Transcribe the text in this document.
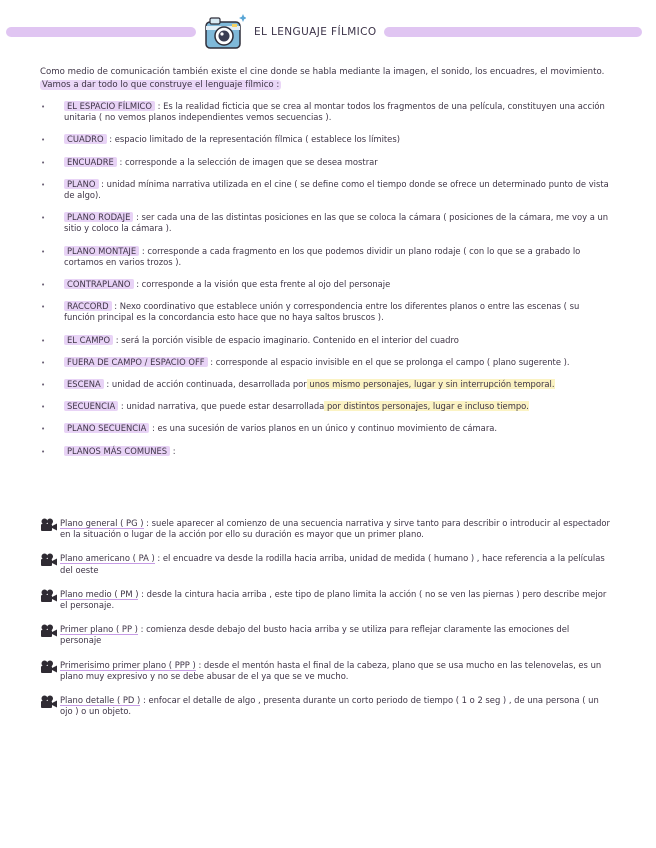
EL LENGUAJE FÍLMICO
Como medio de comunicación también existe el cine donde se habla mediante la imagen, el sonido, los encuadres, el movimiento.
Vamos a dar todo lo que construye el lenguaje fílmico :
•	EL ESPACIO FÍLMICO : Es la realidad ficticia que se crea al montar todos los fragmentos de una película, constituyen una acción unitaria ( no vemos planos independientes vemos secuencias ).
•	CUADRO : espacio limitado de la representación fílmica ( establece los límites)
•	ENCUADRE : corresponde a la selección de imagen que se desea mostrar
•	PLANO : unidad mínima narrativa utilizada en el cine ( se define como el tiempo donde se ofrece un determinado punto de vista de algo).
•	PLANO RODAJE : ser cada una de las distintas posiciones en las que se coloca la cámara ( posiciones de la cámara, me voy a un sitio y coloco la cámara ).
•	PLANO MONTAJE : corresponde a cada fragmento en los que podemos dividir un plano rodaje ( con lo que se a grabado lo cortamos en varios trozos ).
•	CONTRAPLANO : corresponde a la visión que esta frente al ojo del personaje
•	RACCORD : Nexo coordinativo que establece unión y correspondencia entre los diferentes planos o entre las escenas ( su función principal es la concordancia esto hace que no haya saltos bruscos ).
•	EL CAMPO : será la porción visible de espacio imaginario. Contenido en el interior del cuadro
•	FUERA DE CAMPO / ESPACIO OFF : corresponde al espacio invisible en el que se prolonga el campo ( plano sugerente ).
•	ESCENA : unidad de acción continuada, desarrollada por unos mismo personajes, lugar y sin interrupción temporal.
•	SECUENCIA : unidad narrativa, que puede estar desarrollada por distintos personajes, lugar e incluso tiempo.
•	PLANO SECUENCIA : es una sucesión de varios planos en un único y continuo movimiento de cámara.
•	PLANOS MÁS COMUNES :
Plano general ( PG ) : suele aparecer al comienzo de una secuencia narrativa y sirve tanto para describir o introducir al espectador en la situación o lugar de la acción por ello su duración es mayor que un primer plano.
Plano americano ( PA ) : el encuadre va desde la rodilla hacia arriba, unidad de medida ( humano ) , hace referencia a la películas del oeste
Plano medio ( PM ) : desde la cintura hacia arriba , este tipo de plano limita la acción ( no se ven las piernas ) pero describe mejor el personaje.
Primer plano ( PP ) : comienza desde debajo del busto hacia arriba y se utiliza para reflejar claramente las emociones del personaje
Primerisimo primer plano ( PPP ) : desde el mentón hasta el final de la cabeza, plano que se usa mucho en las telenovelas, es un plano muy expresivo y no se debe abusar de el ya que se ve mucho.
Plano detalle ( PD ) : enfocar el detalle de algo , presenta durante un corto periodo de tiempo ( 1 o 2 seg ) , de una persona ( un ojo ) o un objeto.
